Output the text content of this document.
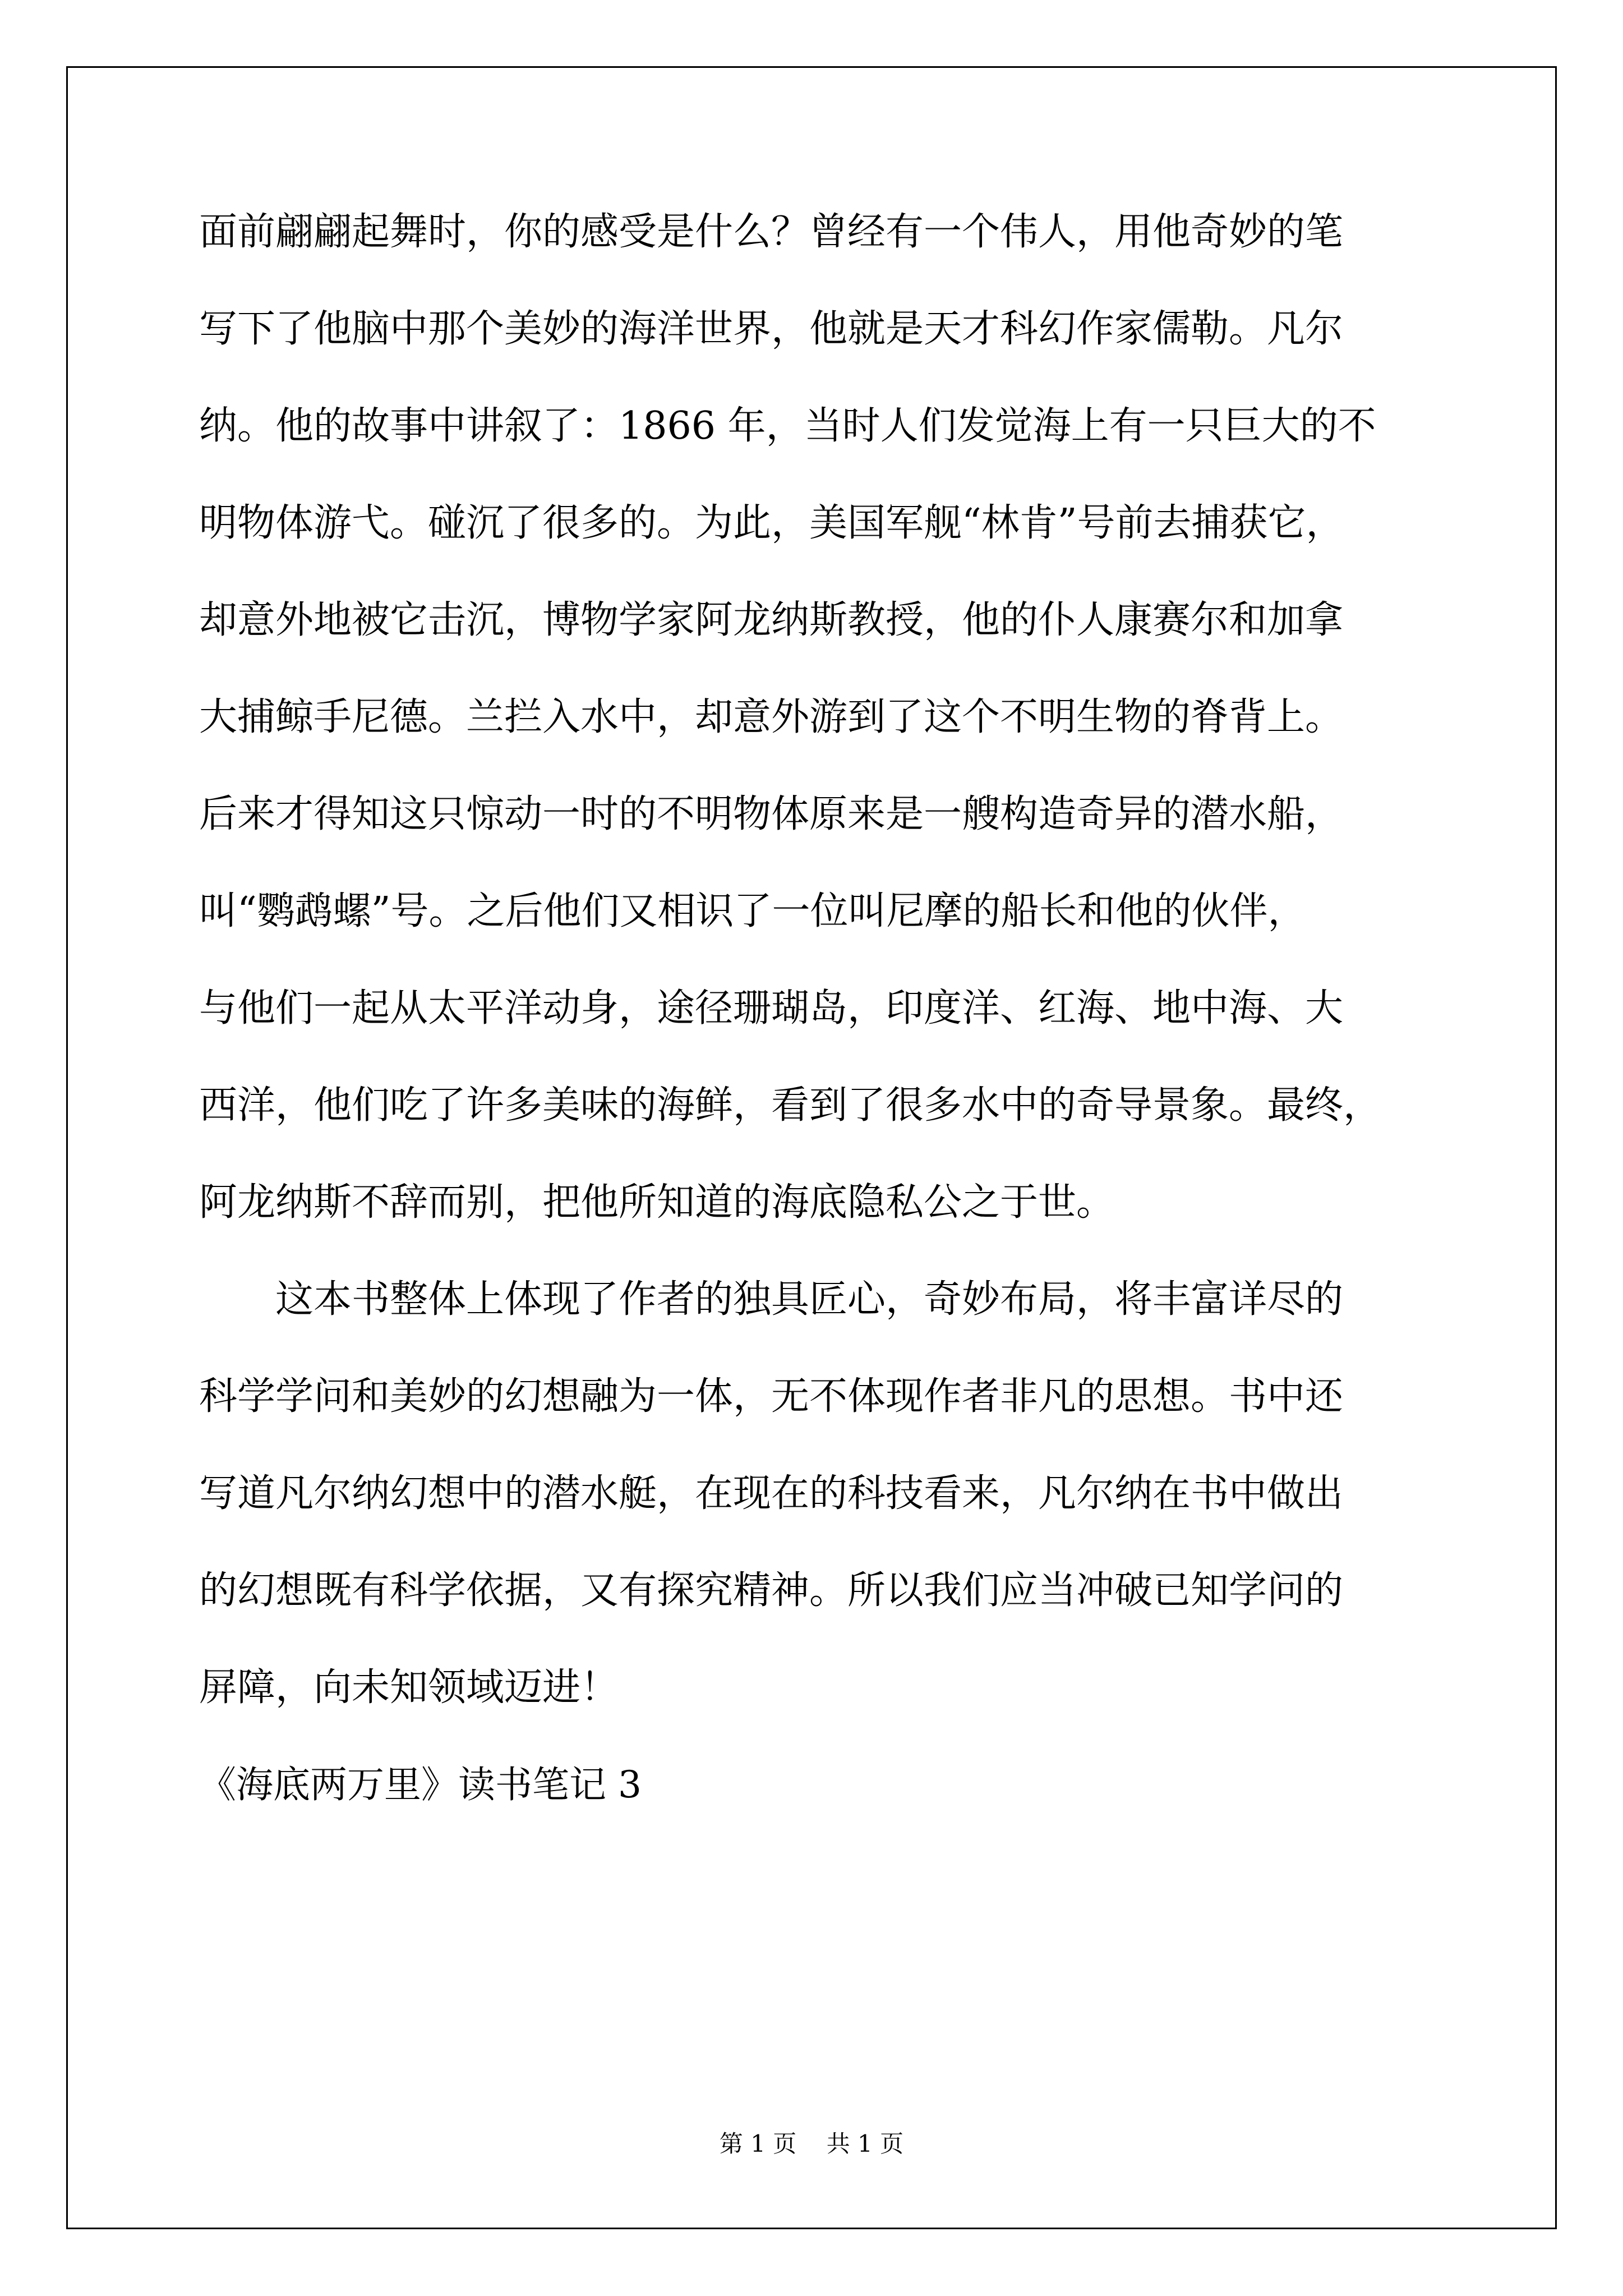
面前翩翩起舞时，你的感受是什么？曾经有一个伟人，用他奇妙的笔
写下了他脑中那个美妙的海洋世界，他就是天才科幻作家儒勒。凡尔
纳。他的故事中讲叙了：1866 年，当时人们发觉海上有一只巨大的不
明物体游弋。碰沉了很多的。为此，美国军舰“林肯”号前去捕获它，
却意外地被它击沉，博物学家阿龙纳斯教授，他的仆人康赛尔和加拿
大捕鲸手尼德。兰拦入水中，却意外游到了这个不明生物的脊背上。
后来才得知这只惊动一时的不明物体原来是一艘构造奇异的潜水船，
叫“鹦鹉螺”号。之后他们又相识了一位叫尼摩的船长和他的伙伴，
与他们一起从太平洋动身，途径珊瑚岛，印度洋、红海、地中海、大
西洋，他们吃了许多美味的海鲜，看到了很多水中的奇导景象。最终，
阿龙纳斯不辞而别，把他所知道的海底隐私公之于世。
这本书整体上体现了作者的独具匠心，奇妙布局，将丰富详尽的
科学学问和美妙的幻想融为一体，无不体现作者非凡的思想。书中还
写道凡尔纳幻想中的潜水艇，在现在的科技看来，凡尔纳在书中做出
的幻想既有科学依据，又有探究精神。所以我们应当冲破已知学问的
屏障，向未知领域迈进！
《海底两万里》读书笔记 3
第 1 页    共 1 页
